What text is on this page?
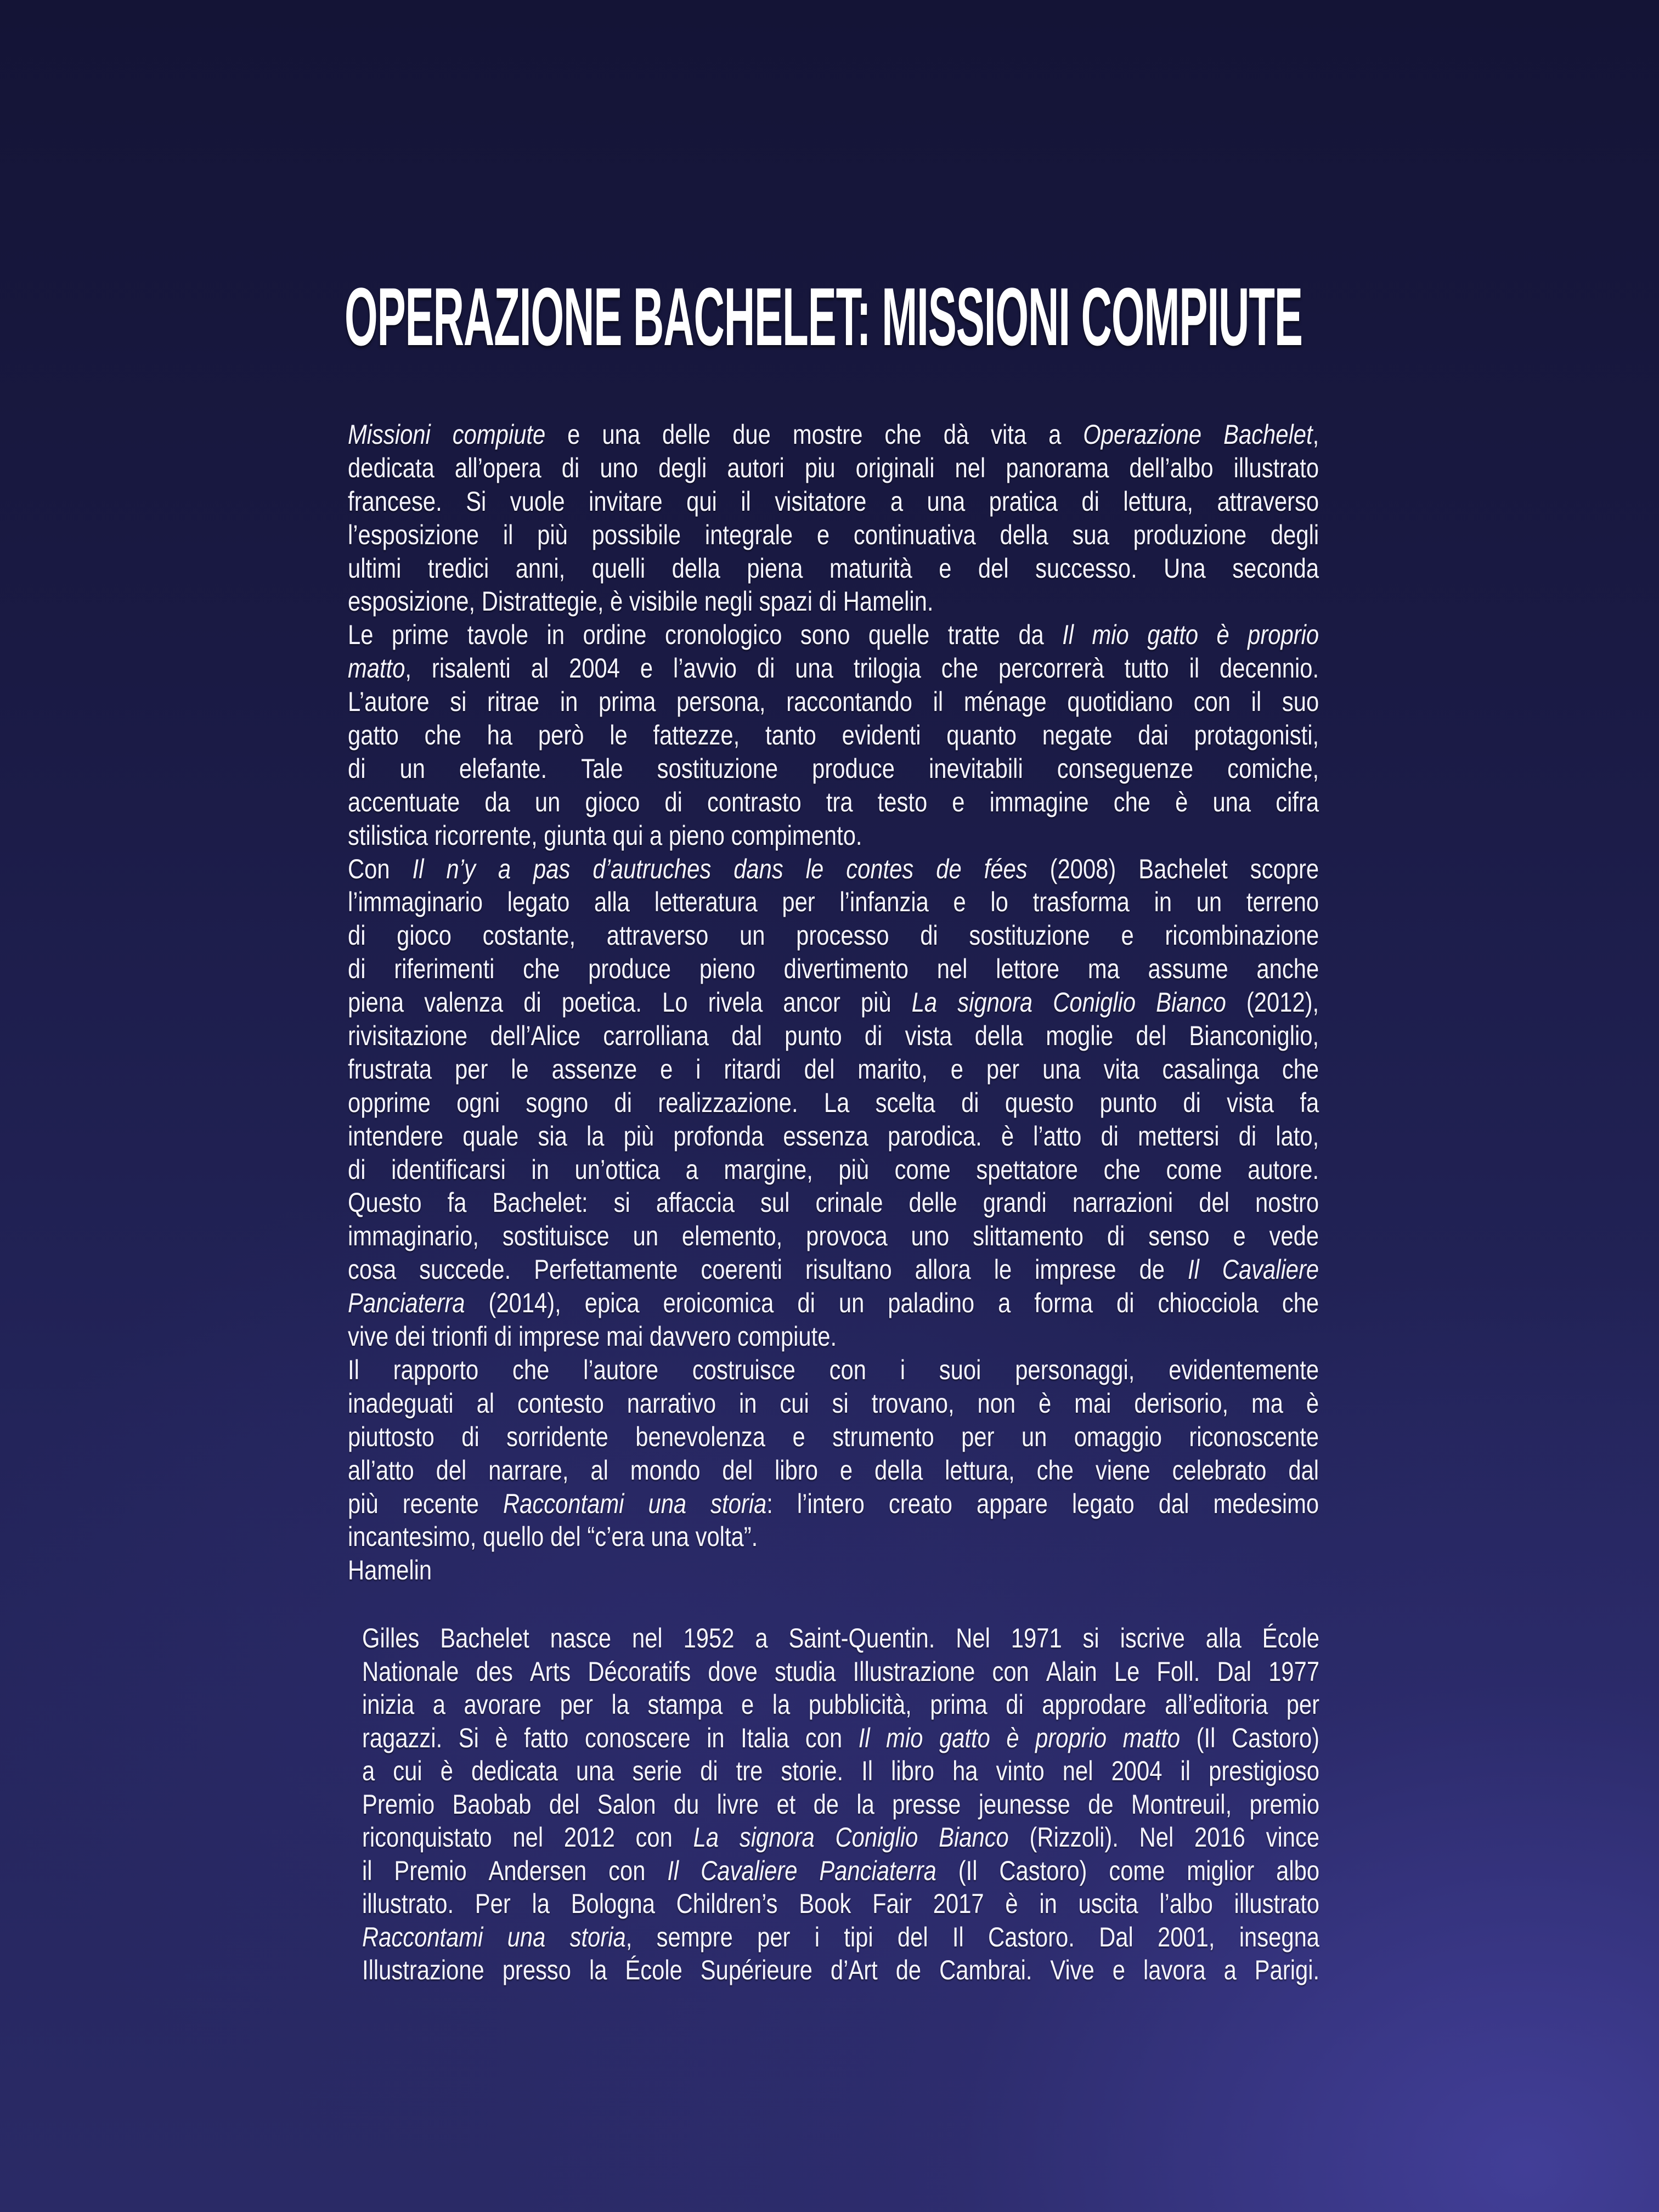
OPERAZIONE BACHELET: MISSIONI COMPIUTE
Missioni compiute e una delle due mostre che dà vita a Operazione Bachelet,
dedicata all’opera di uno degli autori piu originali nel panorama dell’albo illustrato
francese. Si vuole invitare qui il visitatore a una pratica di lettura, attraverso
l’esposizione il più possibile integrale e continuativa della sua produzione degli
ultimi tredici anni, quelli della piena maturità e del successo. Una seconda
esposizione, Distrattegie, è visibile negli spazi di Hamelin.
Le prime tavole in ordine cronologico sono quelle tratte da Il mio gatto è proprio
matto, risalenti al 2004 e l’avvio di una trilogia che percorrerà tutto il decennio.
L’autore si ritrae in prima persona, raccontando il ménage quotidiano con il suo
gatto che ha però le fattezze, tanto evidenti quanto negate dai protagonisti,
di un elefante. Tale sostituzione produce inevitabili conseguenze comiche,
accentuate da un gioco di contrasto tra testo e immagine che è una cifra
stilistica ricorrente, giunta qui a pieno compimento.
Con Il n’y a pas d’autruches dans le contes de fées (2008) Bachelet scopre
l’immaginario legato alla letteratura per l’infanzia e lo trasforma in un terreno
di gioco costante, attraverso un processo di sostituzione e ricombinazione
di riferimenti che produce pieno divertimento nel lettore ma assume anche
piena valenza di poetica. Lo rivela ancor più La signora Coniglio Bianco (2012),
rivisitazione dell’Alice carrolliana dal punto di vista della moglie del Bianconiglio,
frustrata per le assenze e i ritardi del marito, e per una vita casalinga che
opprime ogni sogno di realizzazione. La scelta di questo punto di vista fa
intendere quale sia la più profonda essenza parodica. è l’atto di mettersi di lato,
di identificarsi in un’ottica a margine, più come spettatore che come autore.
Questo fa Bachelet: si affaccia sul crinale delle grandi narrazioni del nostro
immaginario, sostituisce un elemento, provoca uno slittamento di senso e vede
cosa succede. Perfettamente coerenti risultano allora le imprese de Il Cavaliere
Panciaterra (2014), epica eroicomica di un paladino a forma di chiocciola che
vive dei trionfi di imprese mai davvero compiute.
Il rapporto che l’autore costruisce con i suoi personaggi, evidentemente
inadeguati al contesto narrativo in cui si trovano, non è mai derisorio, ma è
piuttosto di sorridente benevolenza e strumento per un omaggio riconoscente
all’atto del narrare, al mondo del libro e della lettura, che viene celebrato dal
più recente Raccontami una storia: l’intero creato appare legato dal medesimo
incantesimo, quello del “c’era una volta”.
Hamelin
Gilles Bachelet nasce nel 1952 a Saint-Quentin. Nel 1971 si iscrive alla École
Nationale des Arts Décoratifs dove studia Illustrazione con Alain Le Foll. Dal 1977
inizia a avorare per la stampa e la pubblicità, prima di approdare all’editoria per
ragazzi. Si è fatto conoscere in Italia con Il mio gatto è proprio matto (Il Castoro)
a cui è dedicata una serie di tre storie. Il libro ha vinto nel 2004 il prestigioso
Premio Baobab del Salon du livre et de la presse jeunesse de Montreuil, premio
riconquistato nel 2012 con La signora Coniglio Bianco (Rizzoli). Nel 2016 vince
il Premio Andersen con Il Cavaliere Panciaterra (Il Castoro) come miglior albo
illustrato. Per la Bologna Children’s Book Fair 2017 è in uscita l’albo illustrato
Raccontami una storia, sempre per i tipi del Il Castoro. Dal 2001, insegna
Illustrazione presso la École Supérieure d’Art de Cambrai. Vive e lavora a Parigi.
